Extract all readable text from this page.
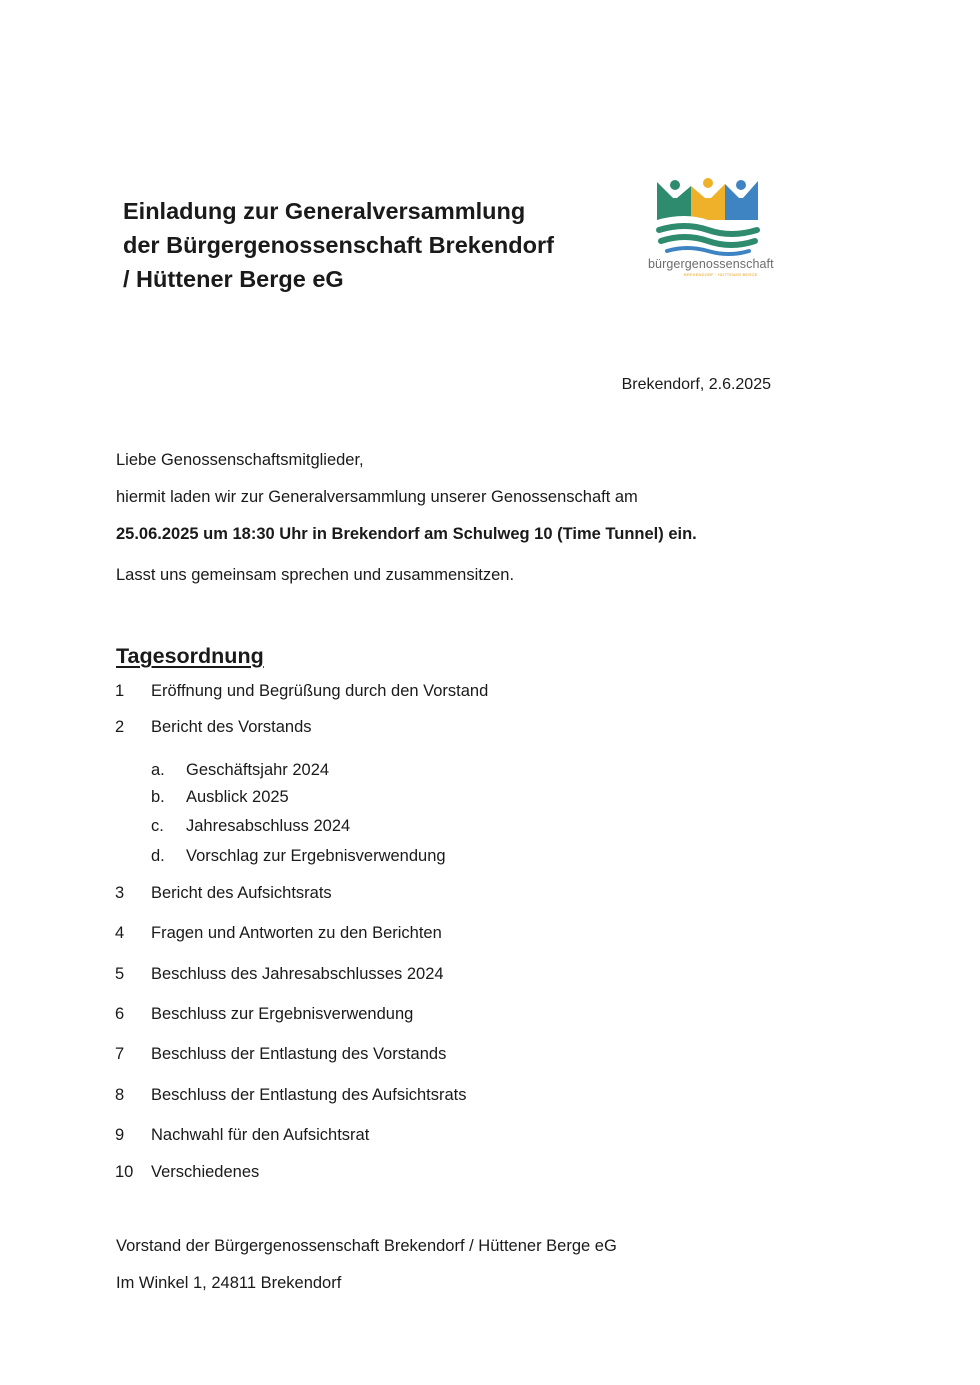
Einladung zur Generalversammlung
der Bürgergenossenschaft Brekendorf
/ Hüttener Berge eG
bürgergenossenschaft
BREKENDORF · HÜTTENER BERGE
Brekendorf, 2.6.2025
Liebe Genossenschaftsmitglieder,
hiermit laden wir zur Generalversammlung unserer Genossenschaft am
25.06.2025 um 18:30 Uhr in Brekendorf am Schulweg 10 (Time Tunnel) ein.
Lasst uns gemeinsam sprechen und zusammensitzen.
Tagesordnung
1 Eröffnung und Begrüßung durch den Vorstand
2 Bericht des Vorstands
a. Geschäftsjahr 2024
b. Ausblick 2025
c. Jahresabschluss 2024
d. Vorschlag zur Ergebnisverwendung
3 Bericht des Aufsichtsrats
4 Fragen und Antworten zu den Berichten
5 Beschluss des Jahresabschlusses 2024
6 Beschluss zur Ergebnisverwendung
7 Beschluss der Entlastung des Vorstands
8 Beschluss der Entlastung des Aufsichtsrats
9 Nachwahl für den Aufsichtsrat
10 Verschiedenes
Vorstand der Bürgergenossenschaft Brekendorf / Hüttener Berge eG
Im Winkel 1, 24811 Brekendorf
